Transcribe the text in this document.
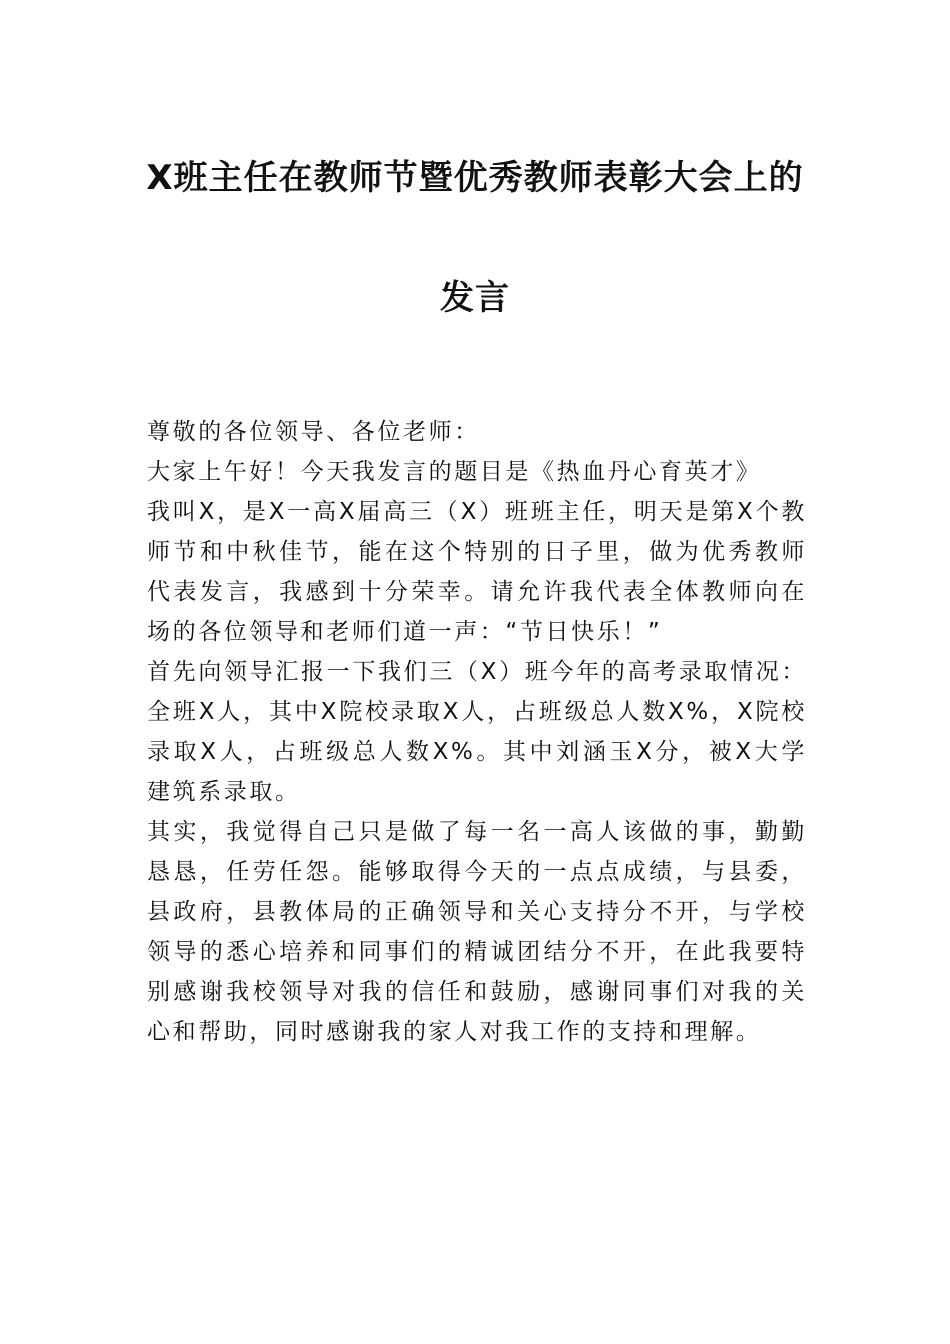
X班主任在教师节暨优秀教师表彰大会上的
发言

尊敬的各位领导、各位老师：

大家上午好！今天我发言的题目是《热血丹心育英才》

我叫X，是X一高X届高三（X）班班主任，明天是第X个教师节和中秋佳节，能在这个特别的日子里，做为优秀教师代表发言，我感到十分荣幸。请允许我代表全体教师向在场的各位领导和老师们道一声：“节日快乐！”

首先向领导汇报一下我们三（X）班今年的高考录取情况：全班X人，其中X院校录取X人，占班级总人数X%，X院校录取X人，占班级总人数X%。其中刘涵玉X分，被X大学建筑系录取。

其实，我觉得自己只是做了每一名一高人该做的事，勤勤恳恳，任劳任怨。能够取得今天的一点点成绩，与县委，县政府，县教体局的正确领导和关心支持分不开，与学校领导的悉心培养和同事们的精诚团结分不开，在此我要特别感谢我校领导对我的信任和鼓励，感谢同事们对我的关心和帮助，同时感谢我的家人对我工作的支持和理解。
